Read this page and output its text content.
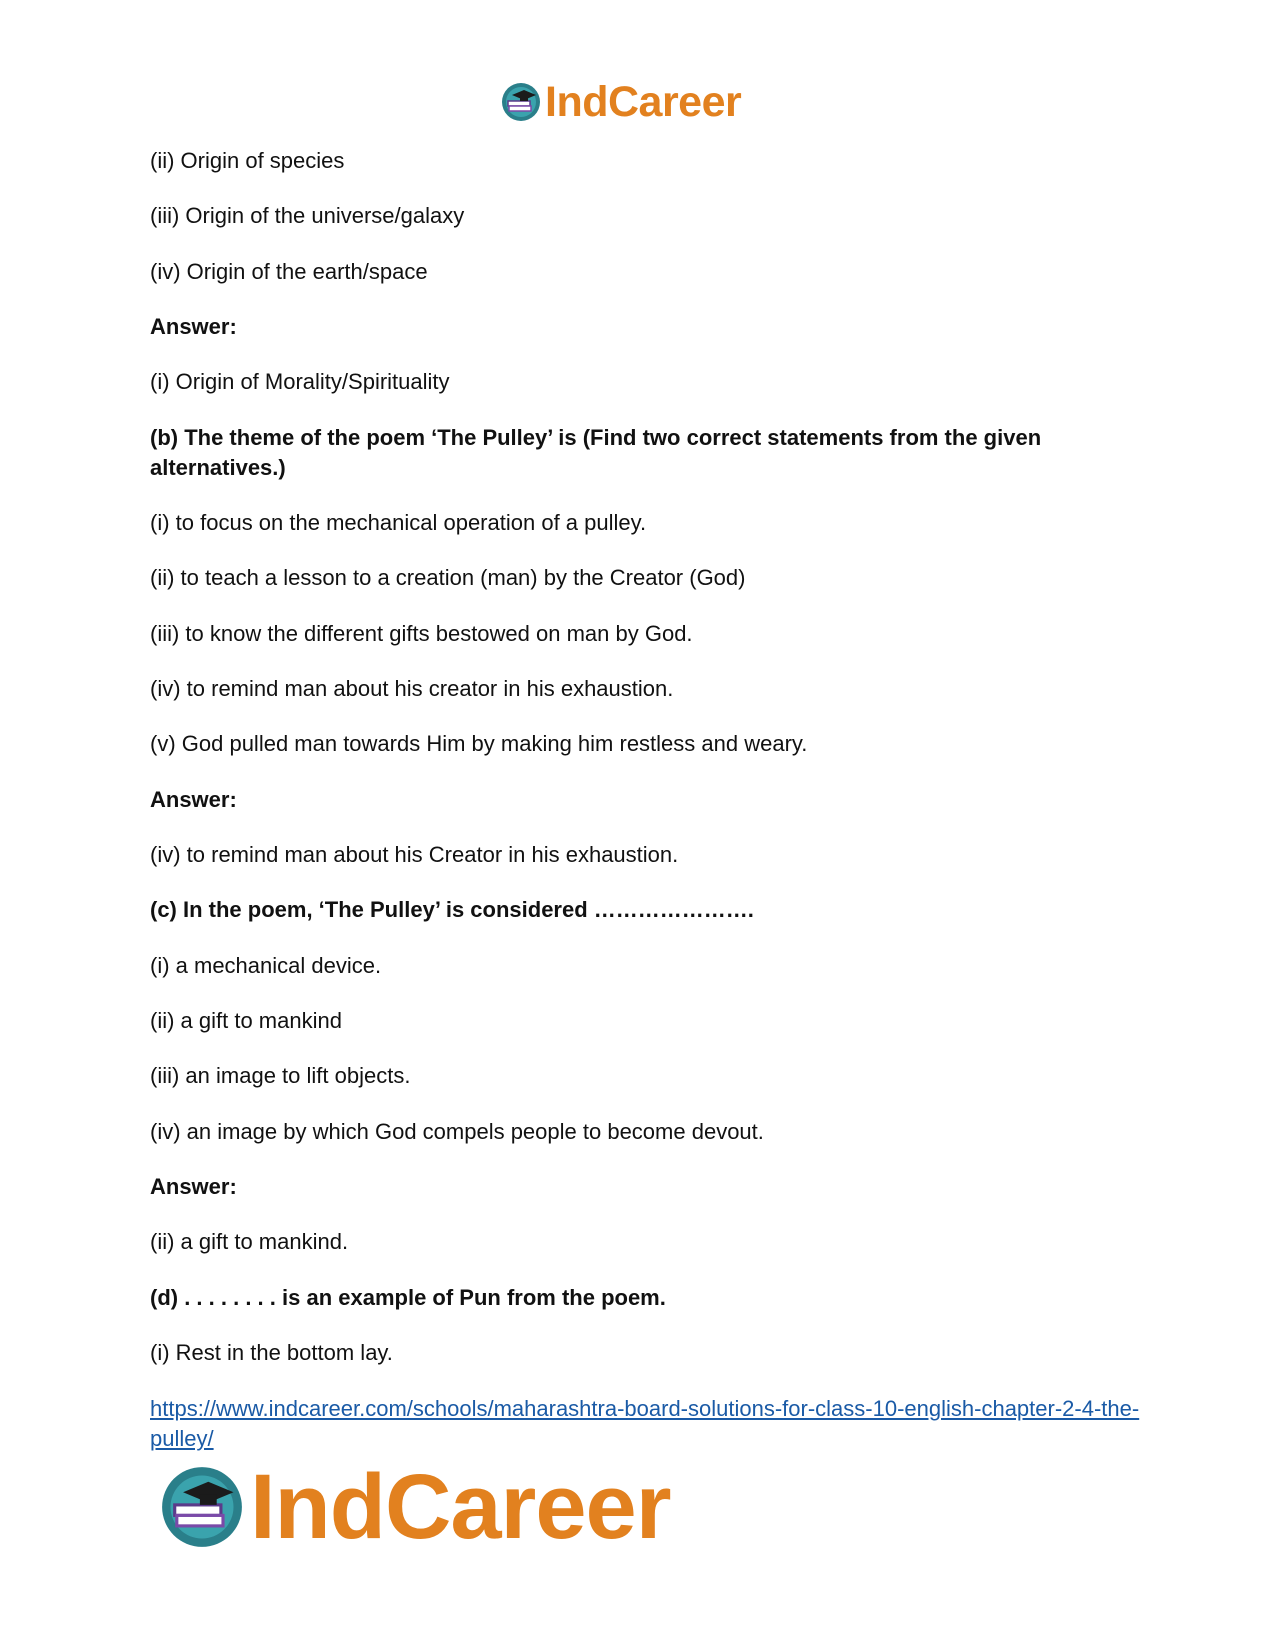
IndCareer

(ii) Origin of species

(iii) Origin of the universe/galaxy

(iv) Origin of the earth/space

Answer:

(i) Origin of Morality/Spirituality

(b) The theme of the poem ‘The Pulley’ is (Find two correct statements from the given alternatives.)

(i) to focus on the mechanical operation of a pulley.

(ii) to teach a lesson to a creation (man) by the Creator (God)

(iii) to know the different gifts bestowed on man by God.

(iv) to remind man about his creator in his exhaustion.

(v) God pulled man towards Him by making him restless and weary.

Answer:

(iv) to remind man about his Creator in his exhaustion.

(c) In the poem, ‘The Pulley’ is considered ………………….

(i) a mechanical device.

(ii) a gift to mankind

(iii) an image to lift objects.

(iv) an image by which God compels people to become devout.

Answer:

(ii) a gift to mankind.

(d) . . . . . . . . is an example of Pun from the poem.

(i) Rest in the bottom lay.

https://www.indcareer.com/schools/maharashtra-board-solutions-for-class-10-english-chapter-2-4-the-pulley/
IndCareer
